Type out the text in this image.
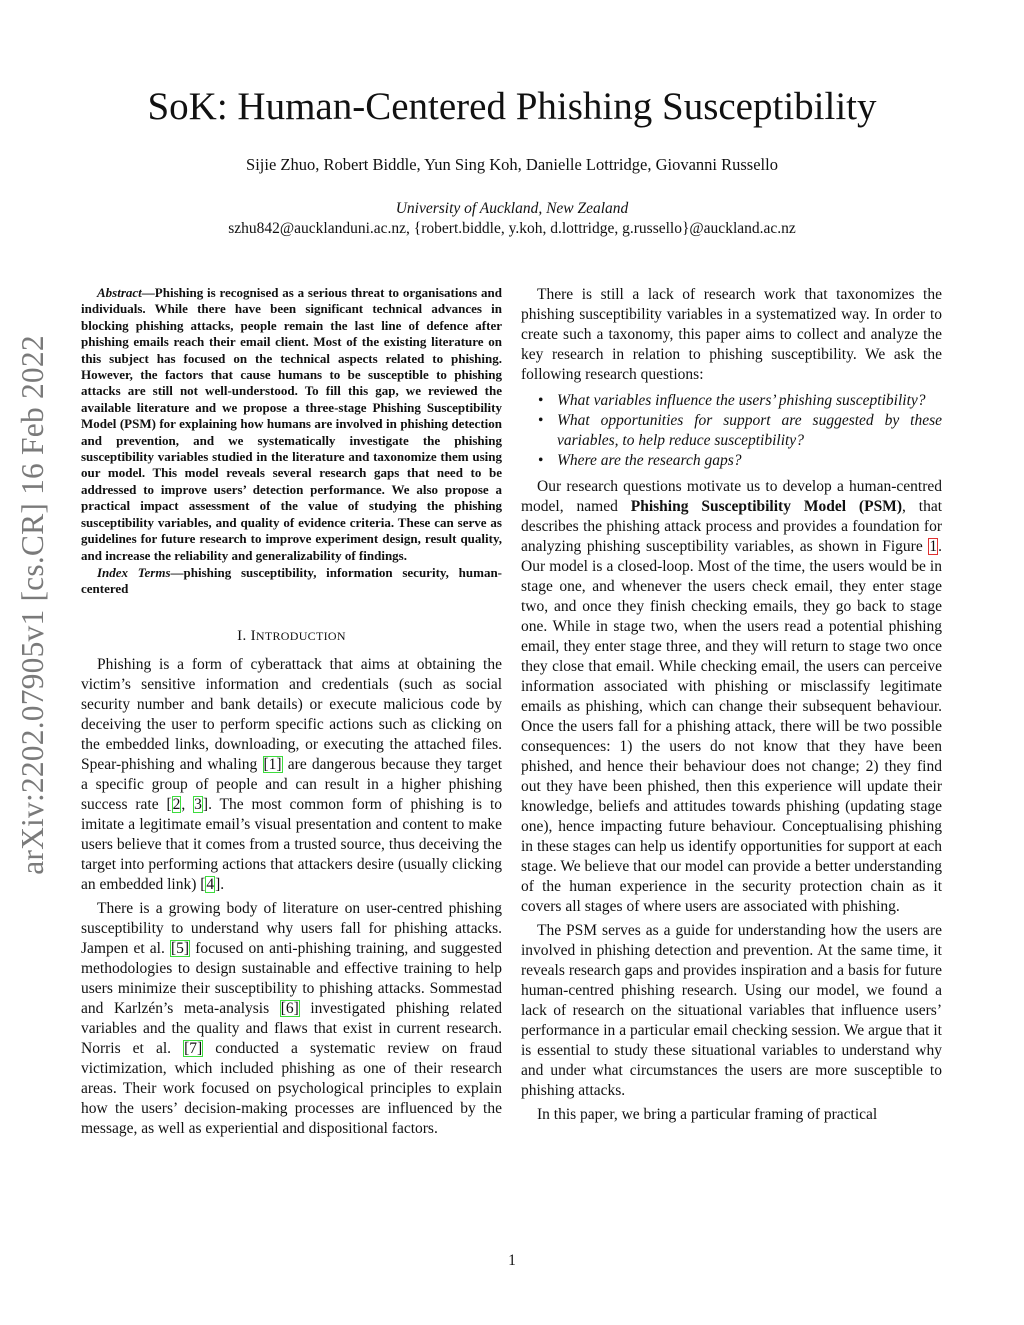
arXiv:2202.07905v1 [cs.CR] 16 Feb 2022
SoK: Human-Centered Phishing Susceptibility
Sijie Zhuo, Robert Biddle, Yun Sing Koh, Danielle Lottridge, Giovanni Russello
University of Auckland, New Zealand
szhu842@aucklanduni.ac.nz, {robert.biddle, y.koh, d.lottridge, g.russello}@auckland.ac.nz

Abstract—Phishing is recognised as a serious threat to organisations and individuals. While there have been significant technical advances in blocking phishing attacks, people remain the last line of defence after phishing emails reach their email client. Most of the existing literature on this subject has focused on the technical aspects related to phishing. However, the factors that cause humans to be susceptible to phishing attacks are still not well-understood. To fill this gap, we reviewed the available literature and we propose a three-stage Phishing Susceptibility Model (PSM) for explaining how humans are involved in phishing detection and prevention, and we systematically investigate the phishing susceptibility variables studied in the literature and taxonomize them using our model. This model reveals several research gaps that need to be addressed to improve users’ detection performance. We also propose a practical impact assessment of the value of studying the phishing susceptibility variables, and quality of evidence criteria. These can serve as guidelines for future research to improve experiment design, result quality, and increase the reliability and generalizability of findings.

Index Terms—phishing susceptibility, information security, human-centered

I. INTRODUCTION

Phishing is a form of cyberattack that aims at obtaining the victim’s sensitive information and credentials (such as social security number and bank details) or execute malicious code by deceiving the user to perform specific actions such as clicking on the embedded links, downloading, or executing the attached files. Spear-phishing and whaling [1] are dangerous because they target a specific group of people and can result in a higher phishing success rate [2, 3]. The most common form of phishing is to imitate a legitimate email’s visual presentation and content to make users believe that it comes from a trusted source, thus deceiving the target into performing actions that attackers desire (usually clicking an embedded link) [4].

There is a growing body of literature on user-centred phishing susceptibility to understand why users fall for phishing attacks. Jampen et al. [5] focused on anti-phishing training, and suggested methodologies to design sustainable and effective training to help users minimize their susceptibility to phishing attacks. Sommestad and Karlzén’s meta-analysis [6] investigated phishing related variables and the quality and flaws that exist in current research. Norris et al. [7] conducted a systematic review on fraud victimization, which included phishing as one of their research areas. Their work focused on psychological principles to explain how the users’ decision-making processes are influenced by the message, as well as experiential and dispositional factors.

There is still a lack of research work that taxonomizes the phishing susceptibility variables in a systematized way. In order to create such a taxonomy, this paper aims to collect and analyze the key research in relation to phishing susceptibility. We ask the following research questions:

• What variables influence the users’ phishing susceptibility?
• What opportunities for support are suggested by these variables, to help reduce susceptibility?
• Where are the research gaps?

Our research questions motivate us to develop a human-centred model, named Phishing Susceptibility Model (PSM), that describes the phishing attack process and provides a foundation for analyzing phishing susceptibility variables, as shown in Figure 1. Our model is a closed-loop. Most of the time, the users would be in stage one, and whenever the users check email, they enter stage two, and once they finish checking emails, they go back to stage one. While in stage two, when the users read a potential phishing email, they enter stage three, and they will return to stage two once they close that email. While checking email, the users can perceive information associated with phishing or misclassify legitimate emails as phishing, which can change their subsequent behaviour. Once the users fall for a phishing attack, there will be two possible consequences: 1) the users do not know that they have been phished, and hence their behaviour does not change; 2) they find out they have been phished, then this experience will update their knowledge, beliefs and attitudes towards phishing (updating stage one), hence impacting future behaviour. Conceptualising phishing in these stages can help us identify opportunities for support at each stage. We believe that our model can provide a better understanding of the human experience in the security protection chain as it covers all stages of where users are associated with phishing.

The PSM serves as a guide for understanding how the users are involved in phishing detection and prevention. At the same time, it reveals research gaps and provides inspiration and a basis for future human-centred phishing research. Using our model, we found a lack of research on the situational variables that influence users’ performance in a particular email checking session. We argue that it is essential to study these situational variables to understand why and under what circumstances the users are more susceptible to phishing attacks.

In this paper, we bring a particular framing of practical

1
